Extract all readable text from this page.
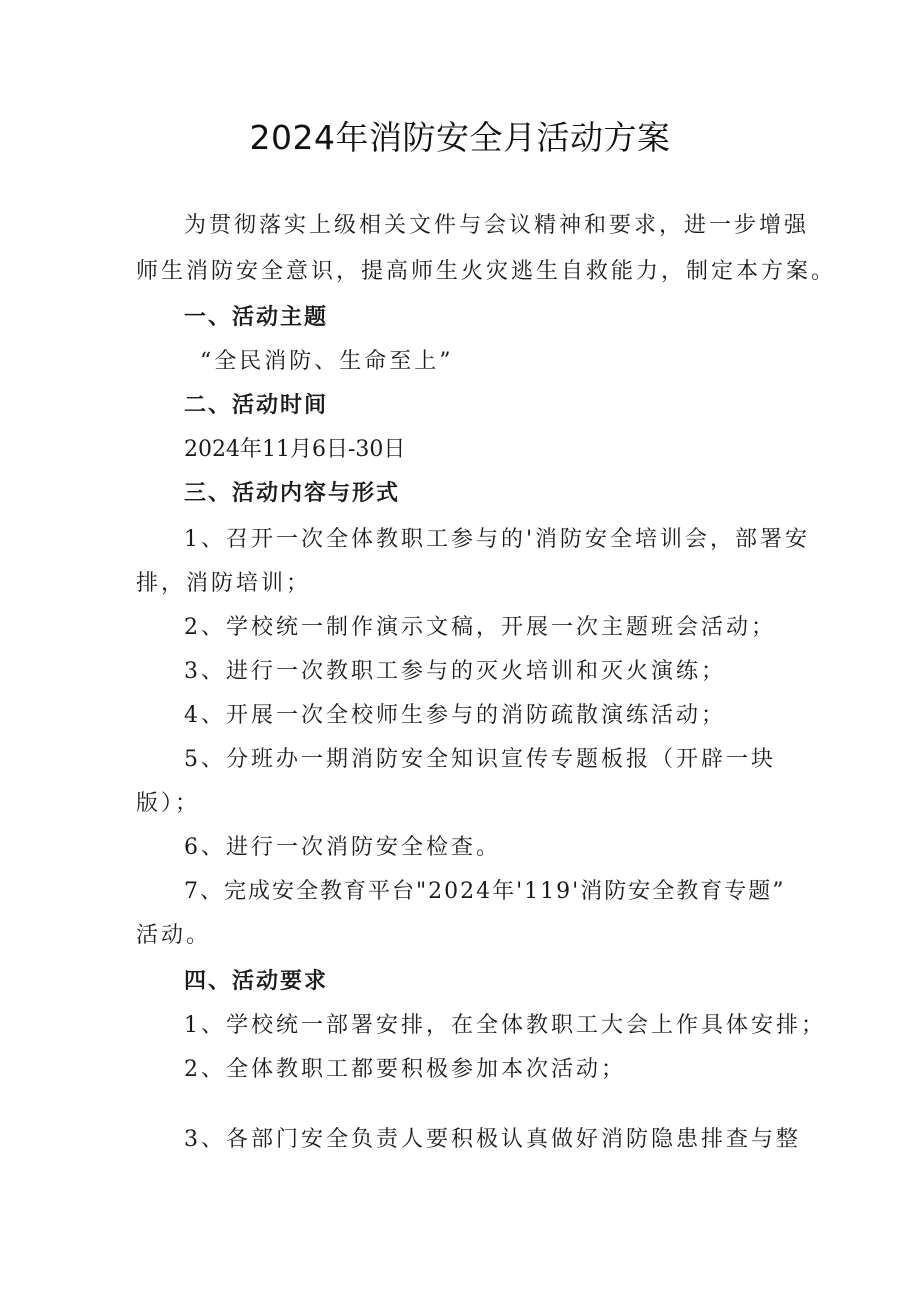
2024年消防安全月活动方案

为贯彻落实上级相关文件与会议精神和要求，进一步增强

师生消防安全意识，提高师生火灾逃生自救能力，制定本方案。

一、活动主题

“全民消防、生命至上”

二、活动时间

2024年11月6日-30日

三、活动内容与形式

1、召开一次全体教职工参与的'消防安全培训会，部署安

排，消防培训；

2、学校统一制作演示文稿，开展一次主题班会活动；

3、进行一次教职工参与的灭火培训和灭火演练；

4、开展一次全校师生参与的消防疏散演练活动；

5、分班办一期消防安全知识宣传专题板报（开辟一块

版）；

6、进行一次消防安全检查。

7、完成安全教育平台"2024年'119'消防安全教育专题”

活动。

四、活动要求

1、学校统一部署安排，在全体教职工大会上作具体安排；

2、全体教职工都要积极参加本次活动；

3、各部门安全负责人要积极认真做好消防隐患排查与整
